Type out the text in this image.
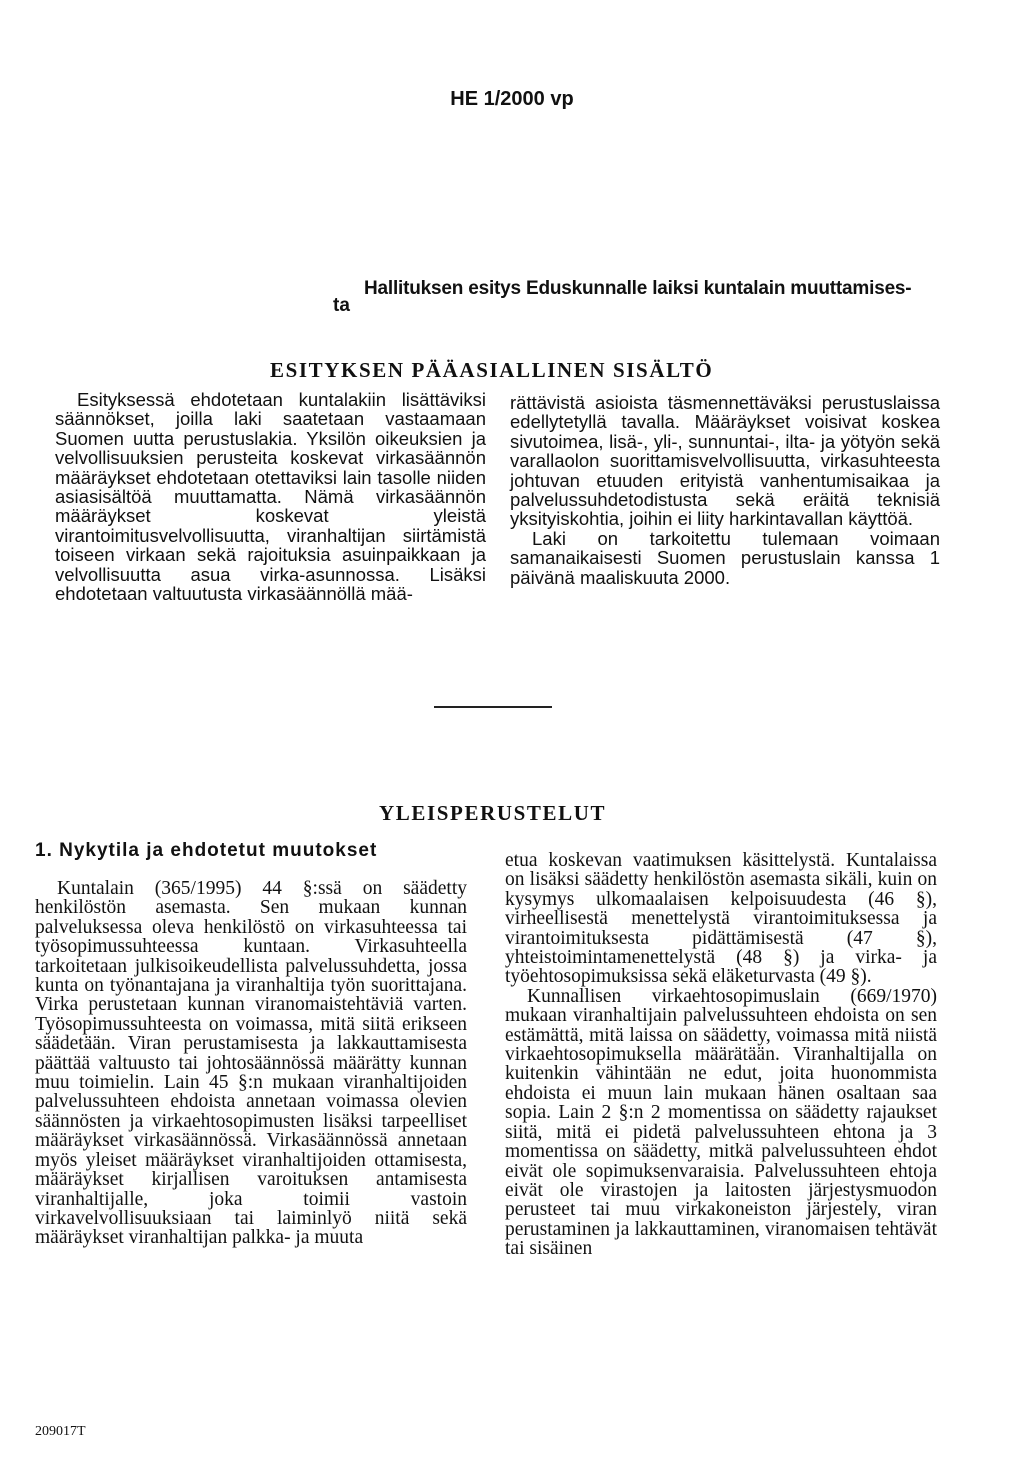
HE 1/2000 vp
Hallituksen esitys Eduskunnalle laiksi kuntalain muuttamises-
ta
ESITYKSEN PÄÄASIALLINEN SISÄLTÖ

Esityksessä ehdotetaan kuntalakiin lisättäviksi säännökset, joilla laki saatetaan vastaamaan Suomen uutta perustuslakia. Yksilön oikeuksien ja velvollisuuksien perusteita koskevat virkasäännön määräykset ehdotetaan otettaviksi lain tasolle niiden asiasisältöä muuttamatta. Nämä virkasäännön määräykset koskevat yleistä virantoimitusvelvollisuutta, viranhaltijan siirtämistä toiseen virkaan sekä rajoituksia asuinpaikkaan ja velvollisuutta asua virka-asunnossa. Lisäksi ehdotetaan valtuutusta virkasäännöllä mää-

rättävistä asioista täsmennettäväksi perustuslaissa edellytetyllä tavalla. Määräykset voisivat koskea sivutoimea, lisä-, yli-, sunnuntai-, ilta- ja yötyön sekä varallaolon suorittamisvelvollisuutta, virkasuhteesta johtuvan etuuden erityistä vanhentumisaikaa ja palvelussuhdetodistusta sekä eräitä teknisiä yksityiskohtia, joihin ei liity harkintavallan käyttöä.

Laki on tarkoitettu tulemaan voimaan samanaikaisesti Suomen perustuslain kanssa 1 päivänä maaliskuuta 2000.

YLEISPERUSTELUT
1. Nykytila ja ehdotetut muutokset

Kuntalain (365/1995) 44 §:ssä on säädetty henkilöstön asemasta. Sen mukaan kunnan palveluksessa oleva henkilöstö on virkasuhteessa tai työsopimussuhteessa kuntaan. Virkasuhteella tarkoitetaan julkisoikeudellista palvelussuhdetta, jossa kunta on työnantajana ja viranhaltija työn suorittajana. Virka perustetaan kunnan viranomaistehtäviä varten. Työsopimussuhteesta on voimassa, mitä siitä erikseen säädetään. Viran perustamisesta ja lakkauttamisesta päättää valtuusto tai johtosäännössä määrätty kunnan muu toimielin. Lain 45 §:n mukaan viranhaltijoiden palvelussuhteen ehdoista annetaan voimassa olevien säännösten ja virkaehtosopimusten lisäksi tarpeelliset määräykset virkasäännössä. Virkasäännössä annetaan myös yleiset määräykset viranhaltijoiden ottamisesta, määräykset kirjallisen varoituksen antamisesta viranhaltijalle, joka toimii vastoin virkavelvollisuuksiaan tai laiminlyö niitä sekä määräykset viranhaltijan palkka- ja muuta

etua koskevan vaatimuksen käsittelystä. Kuntalaissa on lisäksi säädetty henkilöstön asemasta sikäli, kuin on kysymys ulkomaalaisen kelpoisuudesta (46 §), virheellisestä menettelystä virantoimituksessa ja virantoimituksesta pidättämisestä (47 §), yhteistoimintamenettelystä (48 §) ja virka- ja työehtosopimuksissa sekä eläketurvasta (49 §).

Kunnallisen virkaehtosopimuslain (669/1970) mukaan viranhaltijain palvelussuhteen ehdoista on sen estämättä, mitä laissa on säädetty, voimassa mitä niistä virkaehtosopimuksella määrätään. Viranhaltijalla on kuitenkin vähintään ne edut, joita huonommista ehdoista ei muun lain mukaan hänen osaltaan saa sopia. Lain 2 §:n 2 momentissa on säädetty rajaukset siitä, mitä ei pidetä palvelussuhteen ehtona ja 3 momentissa on säädetty, mitkä palvelussuhteen ehdot eivät ole sopimuksenvaraisia. Palvelussuhteen ehtoja eivät ole virastojen ja laitosten järjestysmuodon perusteet tai muu virkakoneiston järjestely, viran perustaminen ja lakkauttaminen, viranomaisen tehtävät tai sisäinen

209017T
